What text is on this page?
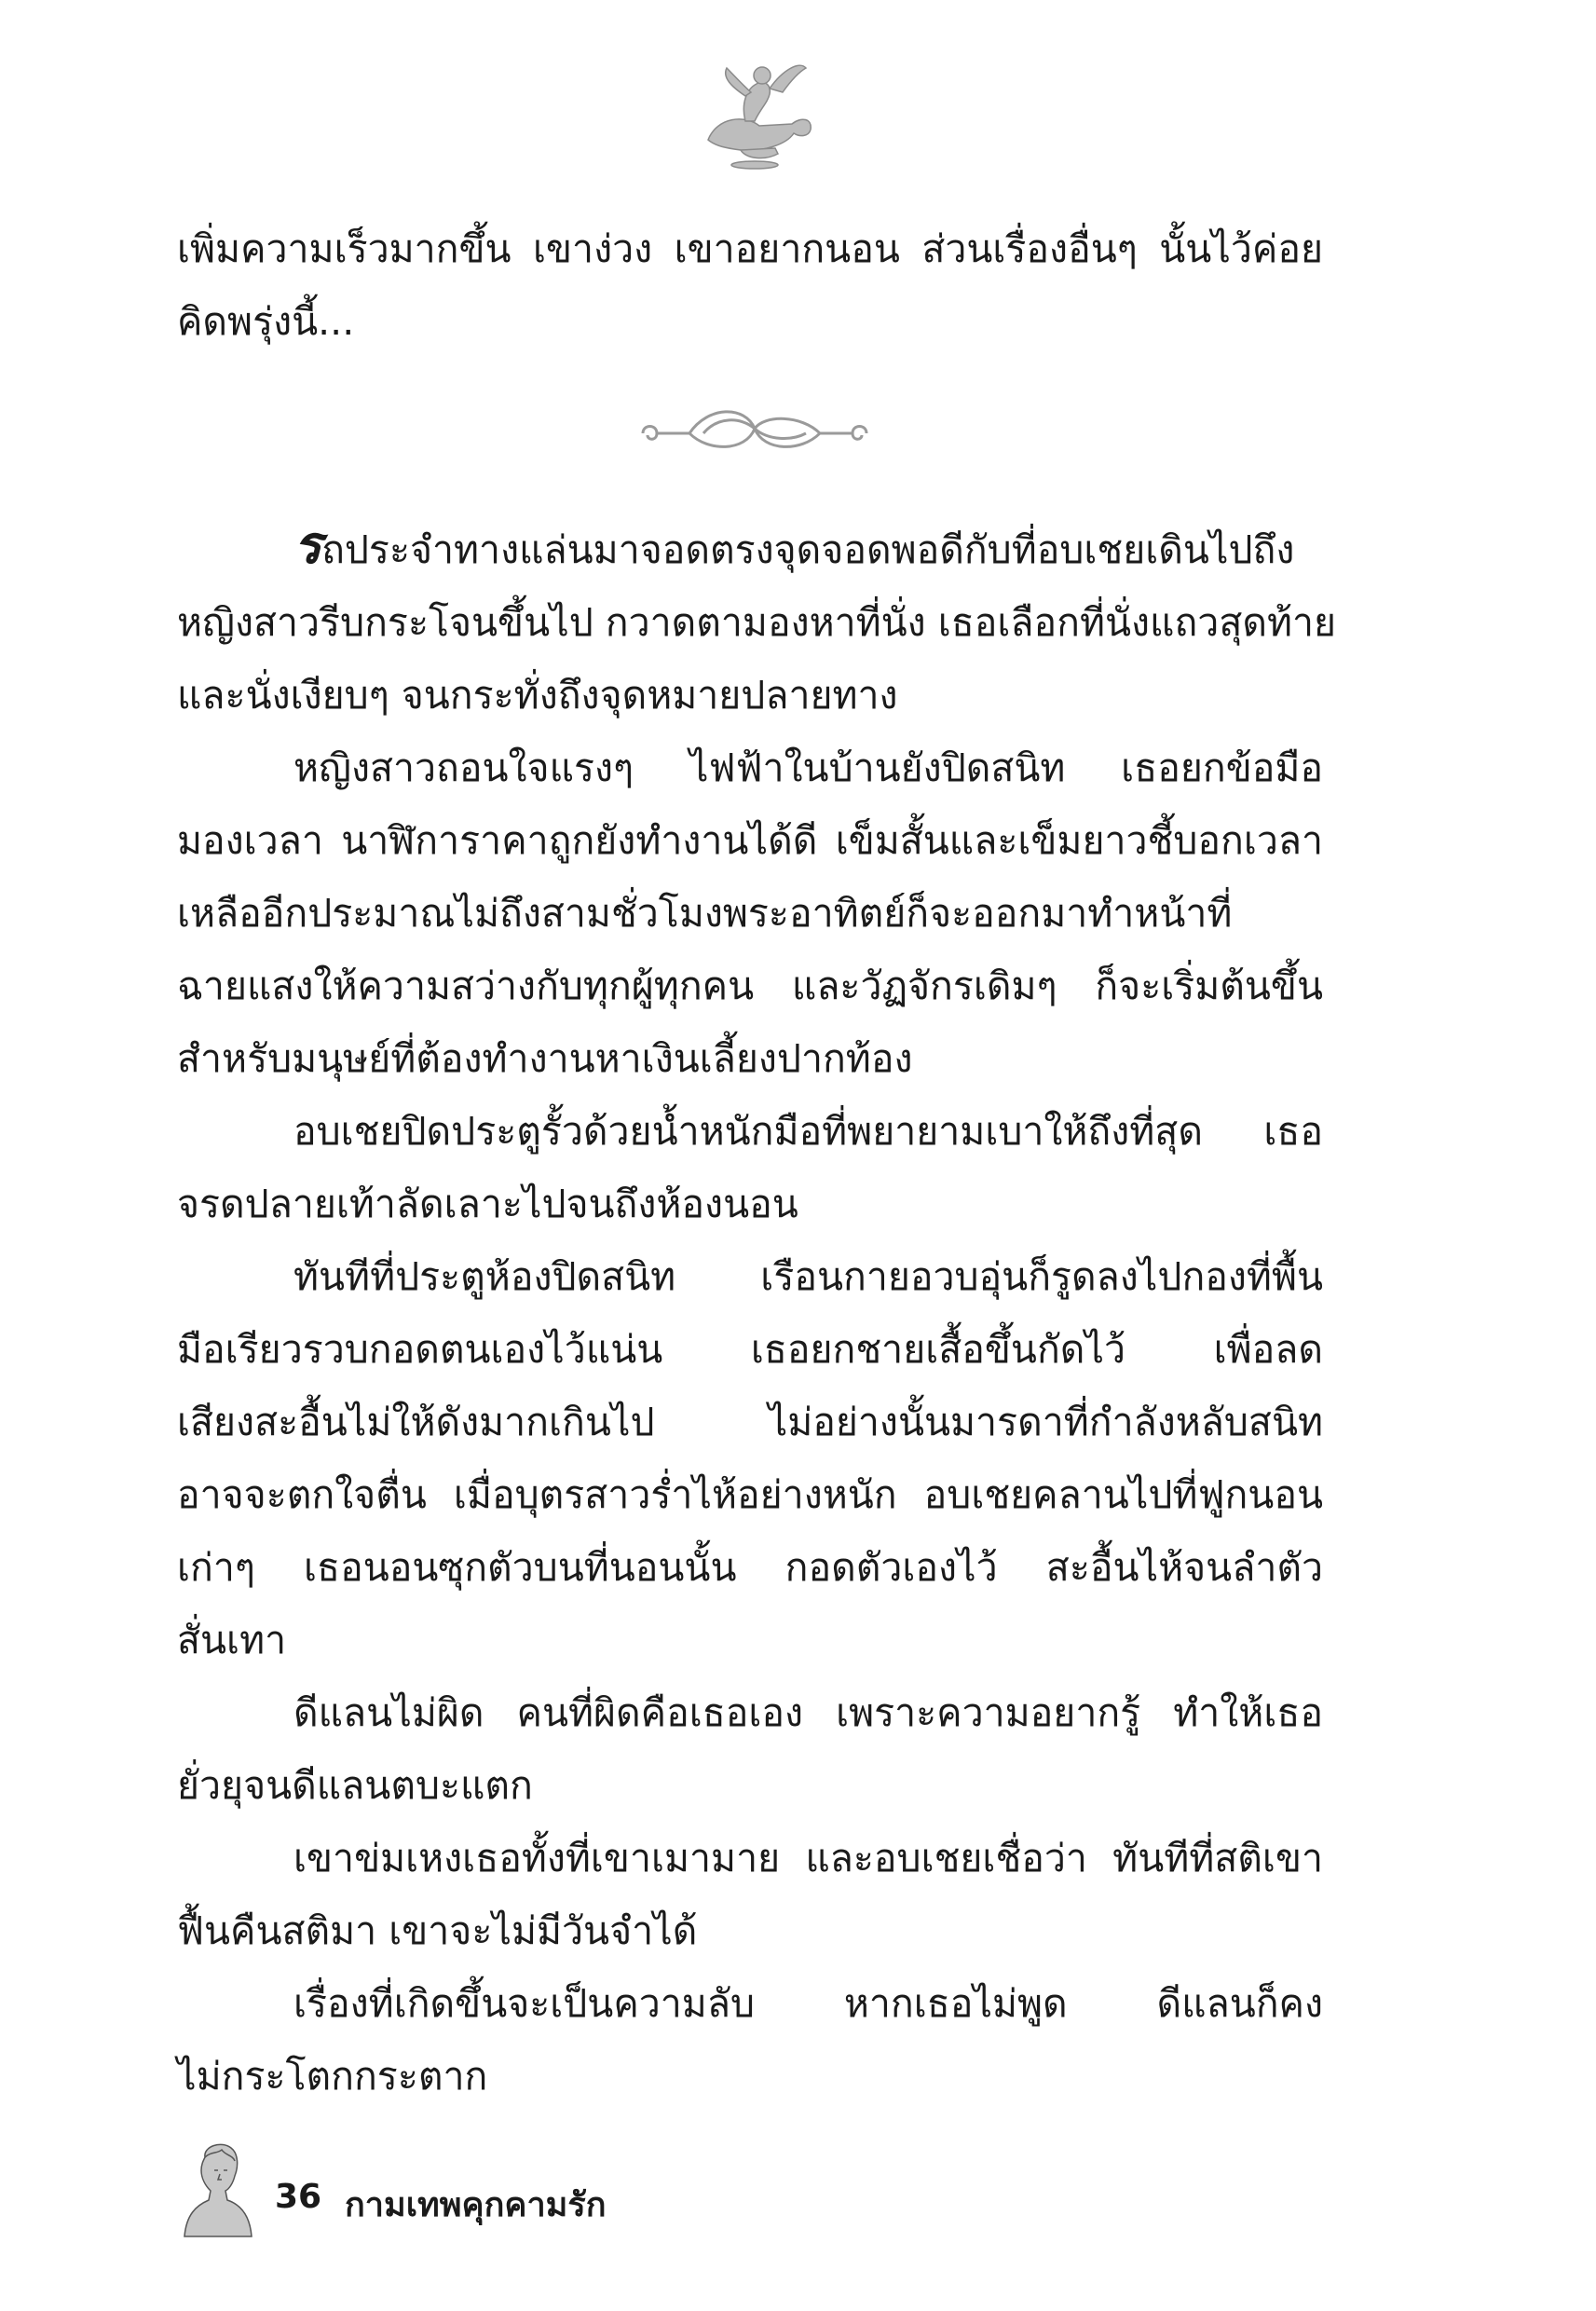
เพิ่มความเร็วมากขึ้น เขาง่วง เขาอยากนอน ส่วนเรื่องอื่นๆ นั้นไว้ค่อย
คิดพรุ่งนี้...
รถประจำทางแล่นมาจอดตรงจุดจอดพอดีกับที่อบเชยเดินไปถึง
หญิงสาวรีบกระโจนขึ้นไป กวาดตามองหาที่นั่ง เธอเลือกที่นั่งแถวสุดท้าย
และนั่งเงียบๆ จนกระทั่งถึงจุดหมายปลายทาง
หญิงสาวถอนใจแรงๆ ไฟฟ้าในบ้านยังปิดสนิท เธอยกข้อมือ
มองเวลา นาฬิการาคาถูกยังทำงานได้ดี เข็มสั้นและเข็มยาวชี้บอกเวลา
เหลืออีกประมาณไม่ถึงสามชั่วโมงพระอาทิตย์ก็จะออกมาทำหน้าที่
ฉายแสงให้ความสว่างกับทุกผู้ทุกคน และวัฏจักรเดิมๆ ก็จะเริ่มต้นขึ้น
สำหรับมนุษย์ที่ต้องทำงานหาเงินเลี้ยงปากท้อง
อบเชยปิดประตูรั้วด้วยน้ำหนักมือที่พยายามเบาให้ถึงที่สุด เธอ
จรดปลายเท้าลัดเลาะไปจนถึงห้องนอน
ทันทีที่ประตูห้องปิดสนิท เรือนกายอวบอุ่นก็รูดลงไปกองที่พื้น
มือเรียวรวบกอดตนเองไว้แน่น เธอยกชายเสื้อขึ้นกัดไว้ เพื่อลด
เสียงสะอื้นไม่ให้ดังมากเกินไป ไม่อย่างนั้นมารดาที่กำลังหลับสนิท
อาจจะตกใจตื่น เมื่อบุตรสาวร่ำไห้อย่างหนัก อบเชยคลานไปที่ฟูกนอน
เก่าๆ เธอนอนซุกตัวบนที่นอนนั้น กอดตัวเองไว้ สะอื้นไห้จนลำตัว
สั่นเทา
ดีแลนไม่ผิด คนที่ผิดคือเธอเอง เพราะความอยากรู้ ทำให้เธอ
ยั่วยุจนดีแลนตบะแตก
เขาข่มเหงเธอทั้งที่เขาเมามาย และอบเชยเชื่อว่า ทันทีที่สติเขา
ฟื้นคืนสติมา เขาจะไม่มีวันจำได้
เรื่องที่เกิดขึ้นจะเป็นความลับ หากเธอไม่พูด ดีแลนก็คง
ไม่กระโตกกระตาก
36 กามเทพคุกคามรัก
